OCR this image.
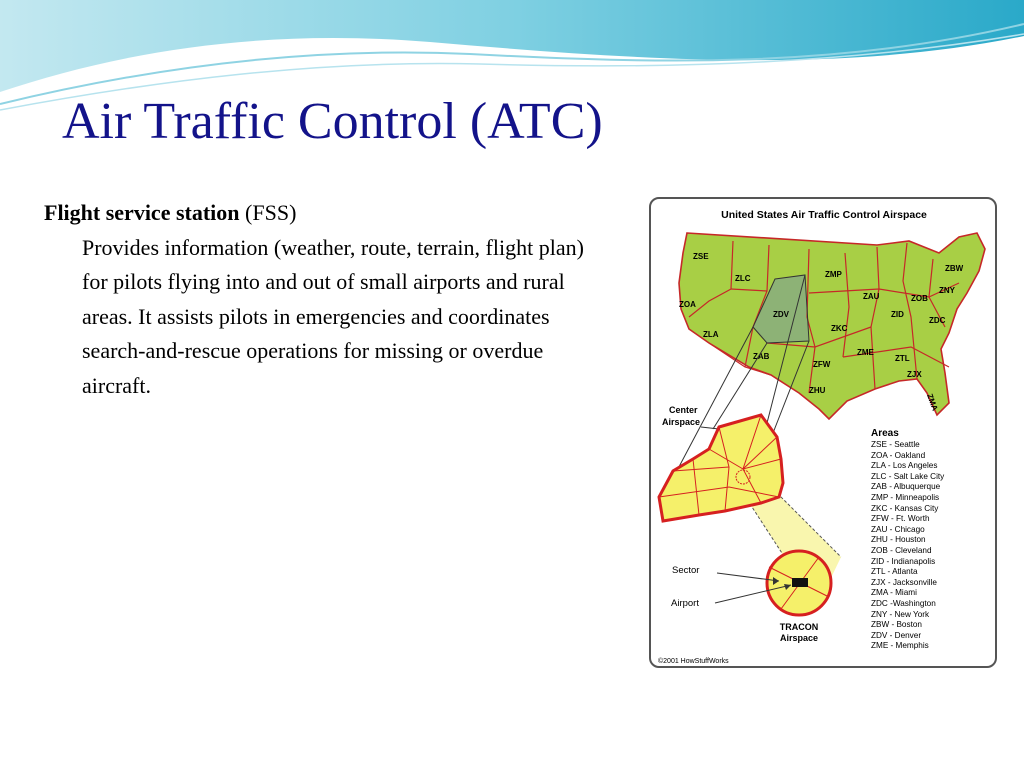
Air Traffic Control (ATC)
Flight service station (FSS)
Provides information (weather, route, terrain, flight plan) for pilots flying into and out of small airports and rural areas. It assists pilots in emergencies and coordinates search-and-rescue operations for missing or overdue aircraft.
United States Air Traffic Control Airspace
ZSE
ZLC	ZMP
ZBW
ZNY
ZOB
ZAU
ZOA
ZDV	ZID
ZDC
ZKC
ZLA
ZAB	ZME
ZTL
ZFW
ZJX
ZHU
ZMA
Center
Airspace
Sector
Airport
TRACON
Airspace
©2001 HowStuffWorks
Areas
ZSE - Seattle
ZOA - Oakland
ZLA - Los Angeles
ZLC - Salt Lake City
ZAB - Albuquerque
ZMP - Minneapolis
ZKC - Kansas City
ZFW - Ft. Worth
ZAU - Chicago
ZHU - Houston
ZOB - Cleveland
ZID - Indianapolis
ZTL - Atlanta
ZJX - Jacksonville
ZMA - Miami
ZDC -Washington
ZNY - New York
ZBW - Boston
ZDV - Denver
ZME - Memphis
